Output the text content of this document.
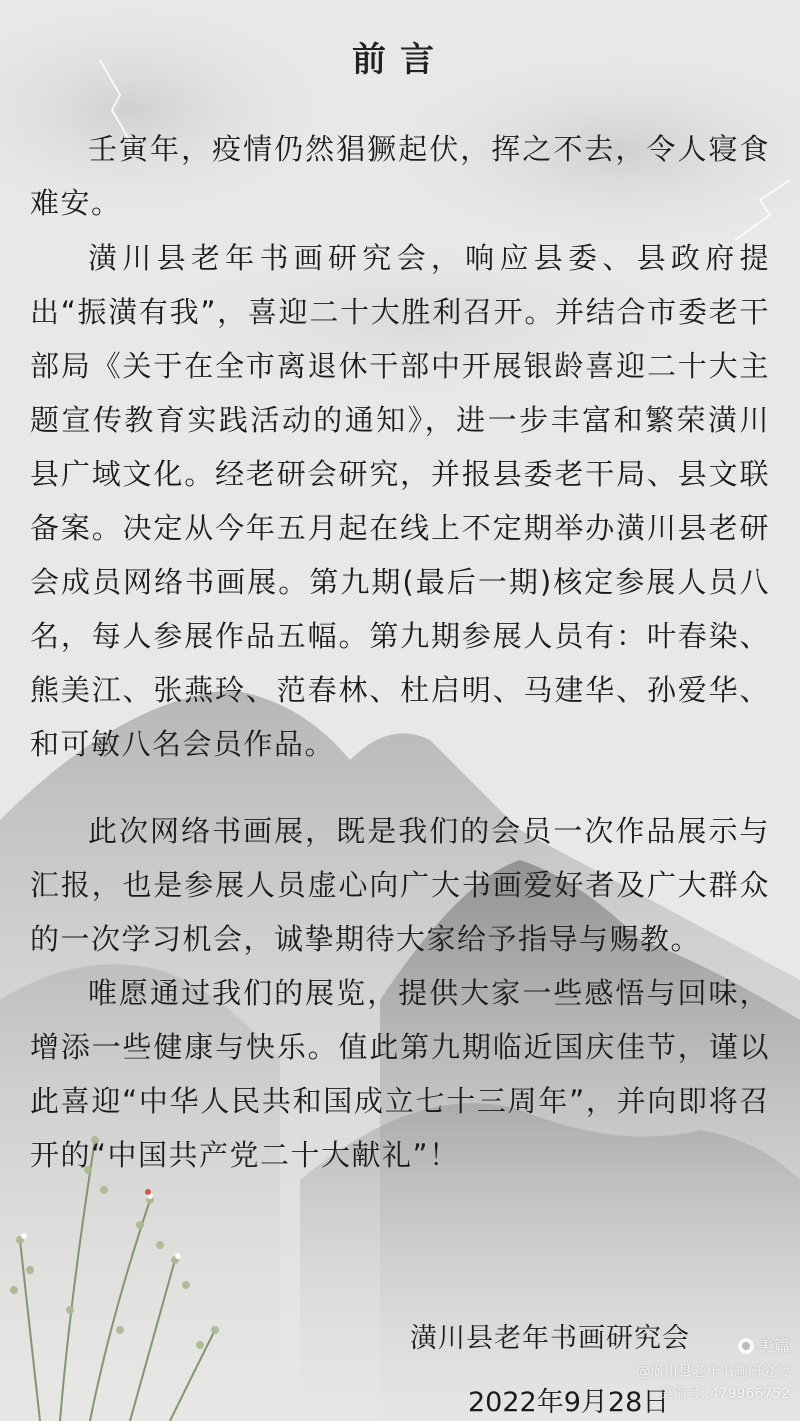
前言

壬寅年，疫情仍然猖獗起伏，挥之不去，令人寝食难安。

潢川县老年书画研究会，响应县委、县政府提出“振潢有我”，喜迎二十大胜利召开。并结合市委老干部局《关于在全市离退休干部中开展银龄喜迎二十大主题宣传教育实践活动的通知》，进一步丰富和繁荣潢川县广域文化。经老研会研究，并报县委老干局、县文联备案。决定从今年五月起在线上不定期举办潢川县老研会成员网络书画展。第九期(最后一期)核定参展人员八名，每人参展作品五幅。第九期参展人员有：叶春染、熊美江、张燕玲、范春林、杜启明、马建华、孙爱华、和可敏八名会员作品。

此次网络书画展，既是我们的会员一次作品展示与汇报，也是参展人员虚心向广大书画爱好者及广大群众的一次学习机会，诚挚期待大家给予指导与赐教。

唯愿通过我们的展览，提供大家一些感悟与回味，增添一些健康与快乐。值此第九期临近国庆佳节，谨以此喜迎“中华人民共和国成立七十三周年”，并向即将召开的“中国共产党二十大献礼”！

潢川县老年书画研究会
2022年9月28日
美篇
@潢川县老年书画研究会
美篇号: 479966752
